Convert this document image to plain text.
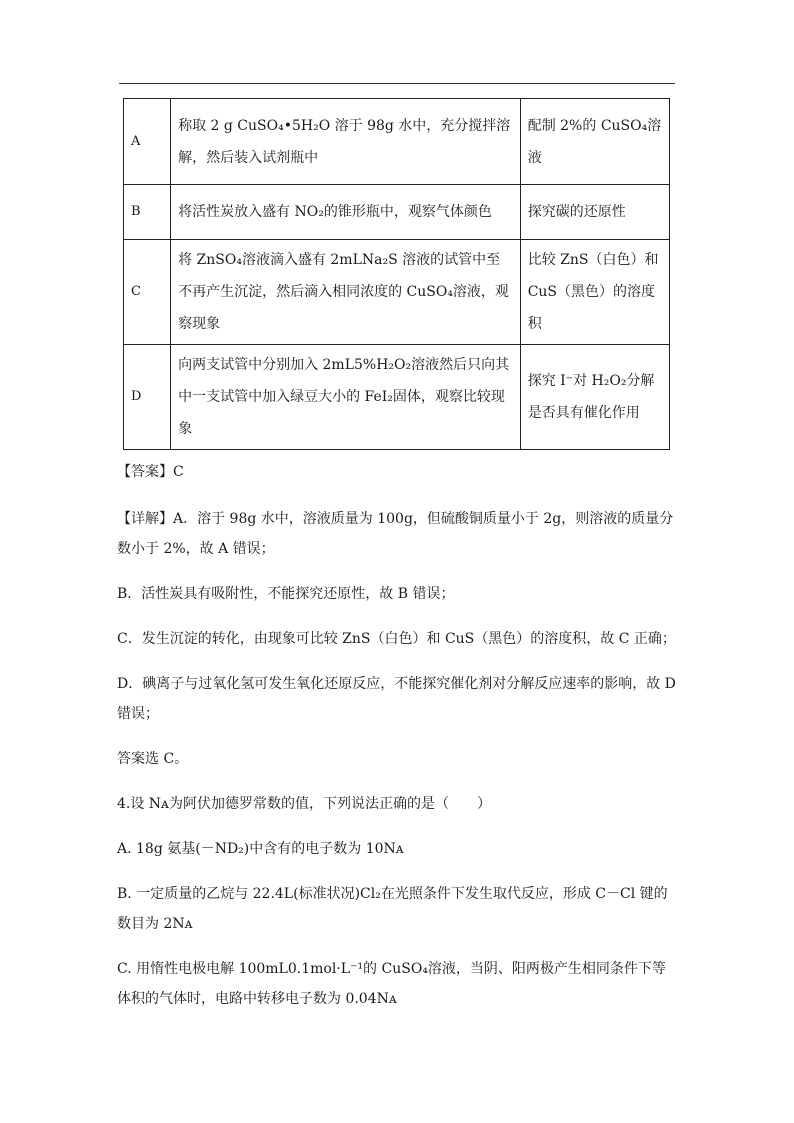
A	称取 2 g CuSO₄•5H₂O 溶于 98g 水中，充分搅拌溶解，然后装入试剂瓶中	配制 2%的 CuSO₄溶液
B	将活性炭放入盛有 NO₂的锥形瓶中，观察气体颜色	探究碳的还原性
C	将 ZnSO₄溶液滴入盛有 2mLNa₂S 溶液的试管中至不再产生沉淀，然后滴入相同浓度的 CuSO₄溶液，观察现象	比较 ZnS（白色）和 CuS（黑色）的溶度积
D	向两支试管中分别加入 2mL5%H₂O₂溶液然后只向其中一支试管中加入绿豆大小的 FeI₂固体，观察比较现象	探究 I⁻对 H₂O₂分解是否具有催化作用
【答案】C
【详解】A．溶于 98g 水中，溶液质量为 100g，但硫酸铜质量小于 2g，则溶液的质量分数小于 2%，故 A 错误；
B．活性炭具有吸附性，不能探究还原性，故 B 错误；
C．发生沉淀的转化，由现象可比较 ZnS（白色）和 CuS（黑色）的溶度积，故 C 正确；
D．碘离子与过氧化氢可发生氧化还原反应，不能探究催化剂对分解反应速率的影响，故 D 错误；
答案选 C。
4.设 Nᴀ为阿伏加德罗常数的值，下列说法正确的是（　　）
A. 18g 氨基(－ND₂)中含有的电子数为 10Nᴀ
B. 一定质量的乙烷与 22.4L(标准状况)Cl₂在光照条件下发生取代反应，形成 C－Cl 键的数目为 2Nᴀ
C. 用惰性电极电解 100mL0.1mol·L⁻¹的 CuSO₄溶液，当阴、阳两极产生相同条件下等体积的气体时，电路中转移电子数为 0.04Nᴀ
